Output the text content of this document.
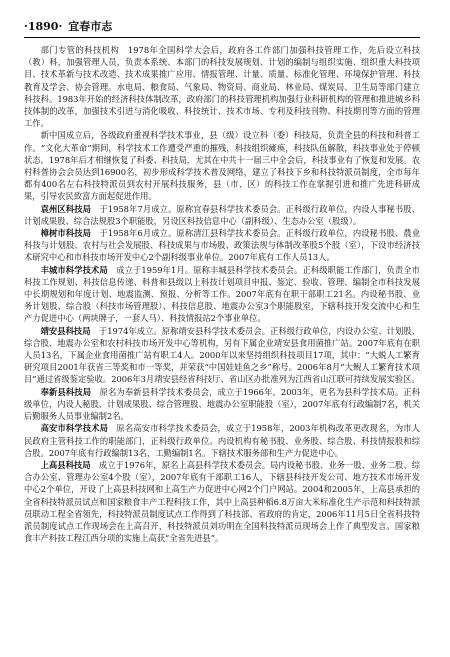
·1890· 宜春市志

部门专管的科技机构　1978年全国科学大会后，政府各工作部门加强科技管理工作，先后设立科技（教）科，加强管理人员，负责本系统、本部门的科技发展规划、计划的编制与组织实施、组织重大科技项目、技术革新与技术改造、技术成果推广应用、情报管理、计量、质量、标准化管理、环境保护管理、科技教育及学会、协会管理。水电局、粮食局、气象局、物资局、商业局、林业局、煤炭局、卫生局等部门建立科技科。1983年开始的经济科技体制改革，政府部门的科技管理机构加强行业科研机构的管理和推进城乡科技体制的改革，加强技术引进与消化吸收、科技统计、技术市场、专利及科技刊物、科技期刊等方面的管理工作。

新中国成立后，各级政府重视科学技术事业，县（级）设立科（委）科技局，负责全县的科技和科普工作。“文化大革命”期间，科学技术工作遭受严重的摧残，科技组织瘫痪，科技队伍解散，科技事业处于停顿状态。1978年后才相继恢复了科委、科技局，尤其在中共十一届三中全会后，科技事业有了恢复和发展。农村科普协会会员达到16900名，初步形成科学技术普及网络，建立了科技下乡和科技特派员制度，全市每年都有400名左右科技特派员到农村开展科技服务，县（市、区）的科技工作在掌握引进和推广先进科研成果，引导农民致富方面起促进作用。

袁州区科技局　于1958年7月成立。原称宜春县科学技术委员会。正科级行政单位，内设人事秘书股、计划成果股、综合法规股3个职能股，另设区科技信息中心（副科级）、生态办公室（股级）。

樟树市科技局　于1958年6月成立。原称清江县科学技术委员会。正科级行政单位，内设秘书股、農业科技与计划股、农村与社会发展股、科技成果与市场股、政策法规与体制改革股5个股（室），下设市经济技术研究中心和市科技市场开发中心2个副科级事业单位。2007年底有工作人员13人。

丰城市科学技术局　成立于1959年1月。原称丰城县科学技术委员会。正科级职能工作部门，负责全市科技工作规划、科技信息传递、科普和县级以上科技计划项目申报、鉴定、验收、管理、编制全市科技发展中长期规划和年度计划、地震监测、预报、分析等工作。2007年底有在职干部职工21名。内设秘书股、业务计划股、综合股（科技市场管理股）、科技信息股、地震办公室3个职能股室，下辖科技开发交流中心和生产力促进中心（两块牌子，一套人马）、科技情报站2个事业单位。

靖安县科技局　于1974年成立。原称靖安县科学技术委员会。正科级行政单位，内设办公室、计划股、综合股、地震办公室和农村科技市场开发中心等机构，另有下属企业靖安县食用菌推广站。2007年底有在职人员13名，下属企业食用菌推广站有职工4人。2000年以来坚持组织科技项目17项，其中：“大蜕人工繁育研究项目2001年获省三等奖和市一等奖，并荣获“中国娃娃鱼之乡”称号。2006年8月“大鲵人工繁育技术项目”通过省级鉴定验收。2006年3月靖安县经省科技厅、省山区办批准列为江西省山江联可持续发展实验区。

奉新县科技局　原名为奉新县科学技术委员会，成立于1966年。2003年，更名为县科学技术局。正科级单位，内设人秘股、计划成果股、综合管理股、地震办公室职能股（室），2007年底有行政编制7名，机关后勤服务人员事业编制2名。

高安市科学技术局　原名高安市科学技术委员会，成立于1958年，2003年机构改革更改现名，为市人民政府主管科技工作的职能部门，正科级行政单位。内设机构有秘书股、业务股、综合股、科技情报股和综合股。2007年底有行政编制13名，工勤编制1名。下辖技术服务部和生产力促进中心。

上高县科技局　成立于1976年，原名上高县科学技术委员会。局内设秘书股、业务一股、业务二股、综合办公室、管理办公室4个股（室），2007年底有干部职工16人，下辖县科技开发公司、地方技术市场开发中心2个单位，开设了上高县科技网和上高生产力促进中心网2个门户网站。2004和2005年，上高县承担的全省科技特派员试点和国家粮食丰产工程科技工作，其中上高县种稻6.8万亩大米标准化生产示范和科技特派员联动工程全省领先，科技特派员制度试点工作得到了科技部、省政府的肯定，2006年11月5日全省科技特派员制度试点工作现场会在上高召开，科技特派员刘功明在全国科技特派员现场会上作了典型发言。国家粮食丰产科技工程江西分项的实施上高获“全省先进县”。
